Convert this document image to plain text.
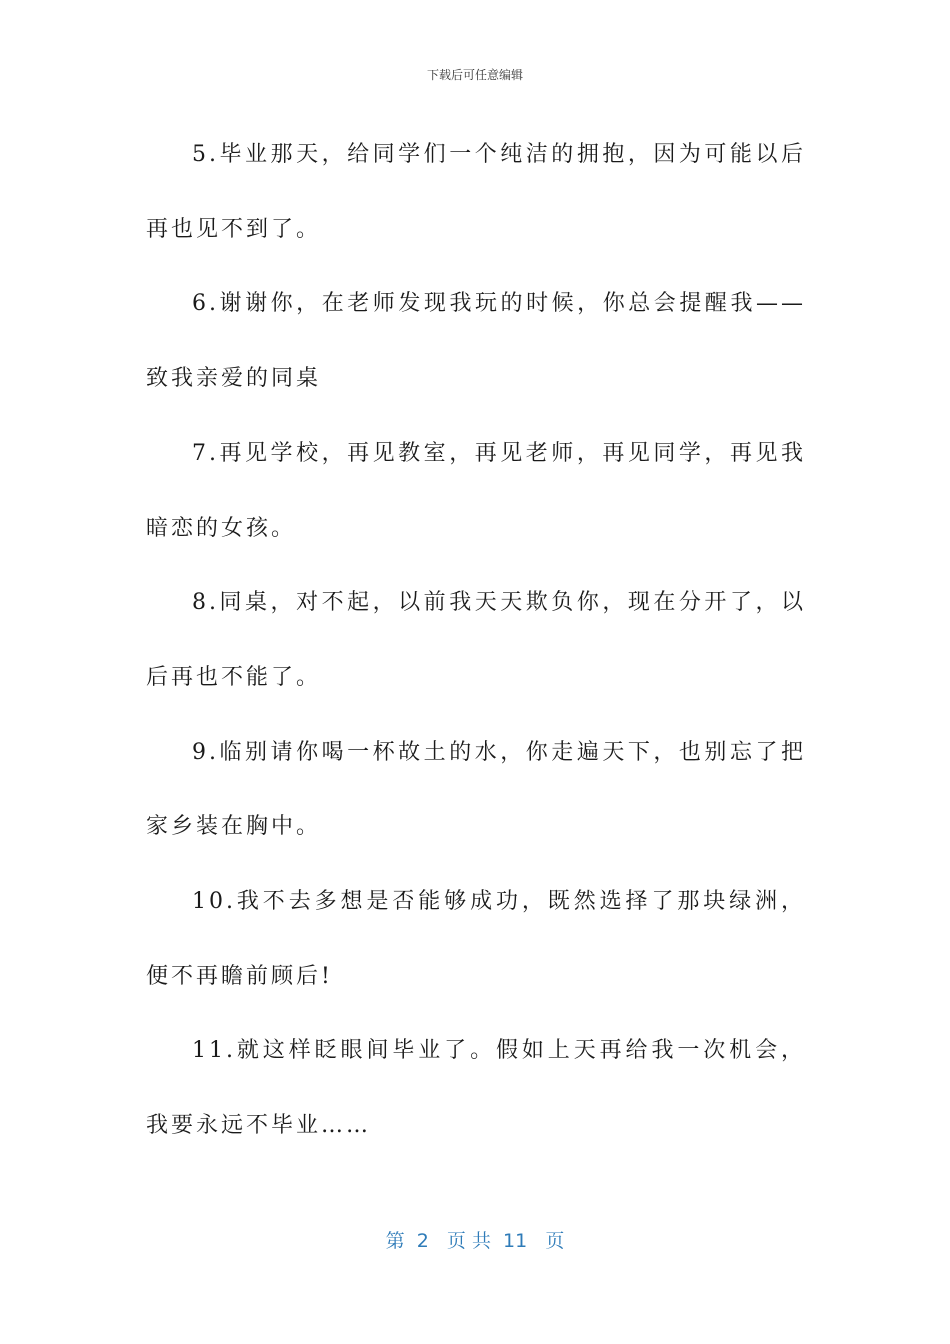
下载后可任意编辑

5.毕业那天，给同学们一个纯洁的拥抱，因为可能以后再也见不到了。

6.谢谢你，在老师发现我玩的时候，你总会提醒我——致我亲爱的同桌

7.再见学校，再见教室，再见老师，再见同学，再见我暗恋的女孩。

8.同桌，对不起，以前我天天欺负你，现在分开了，以后再也不能了。

9.临别请你喝一杯故土的水，你走遍天下，也别忘了把家乡装在胸中。

10.我不去多想是否能够成功，既然选择了那块绿洲，便不再瞻前顾后!

11.就这样眨眼间毕业了。假如上天再给我一次机会，我要永远不毕业……

第  2   页 共  11   页
